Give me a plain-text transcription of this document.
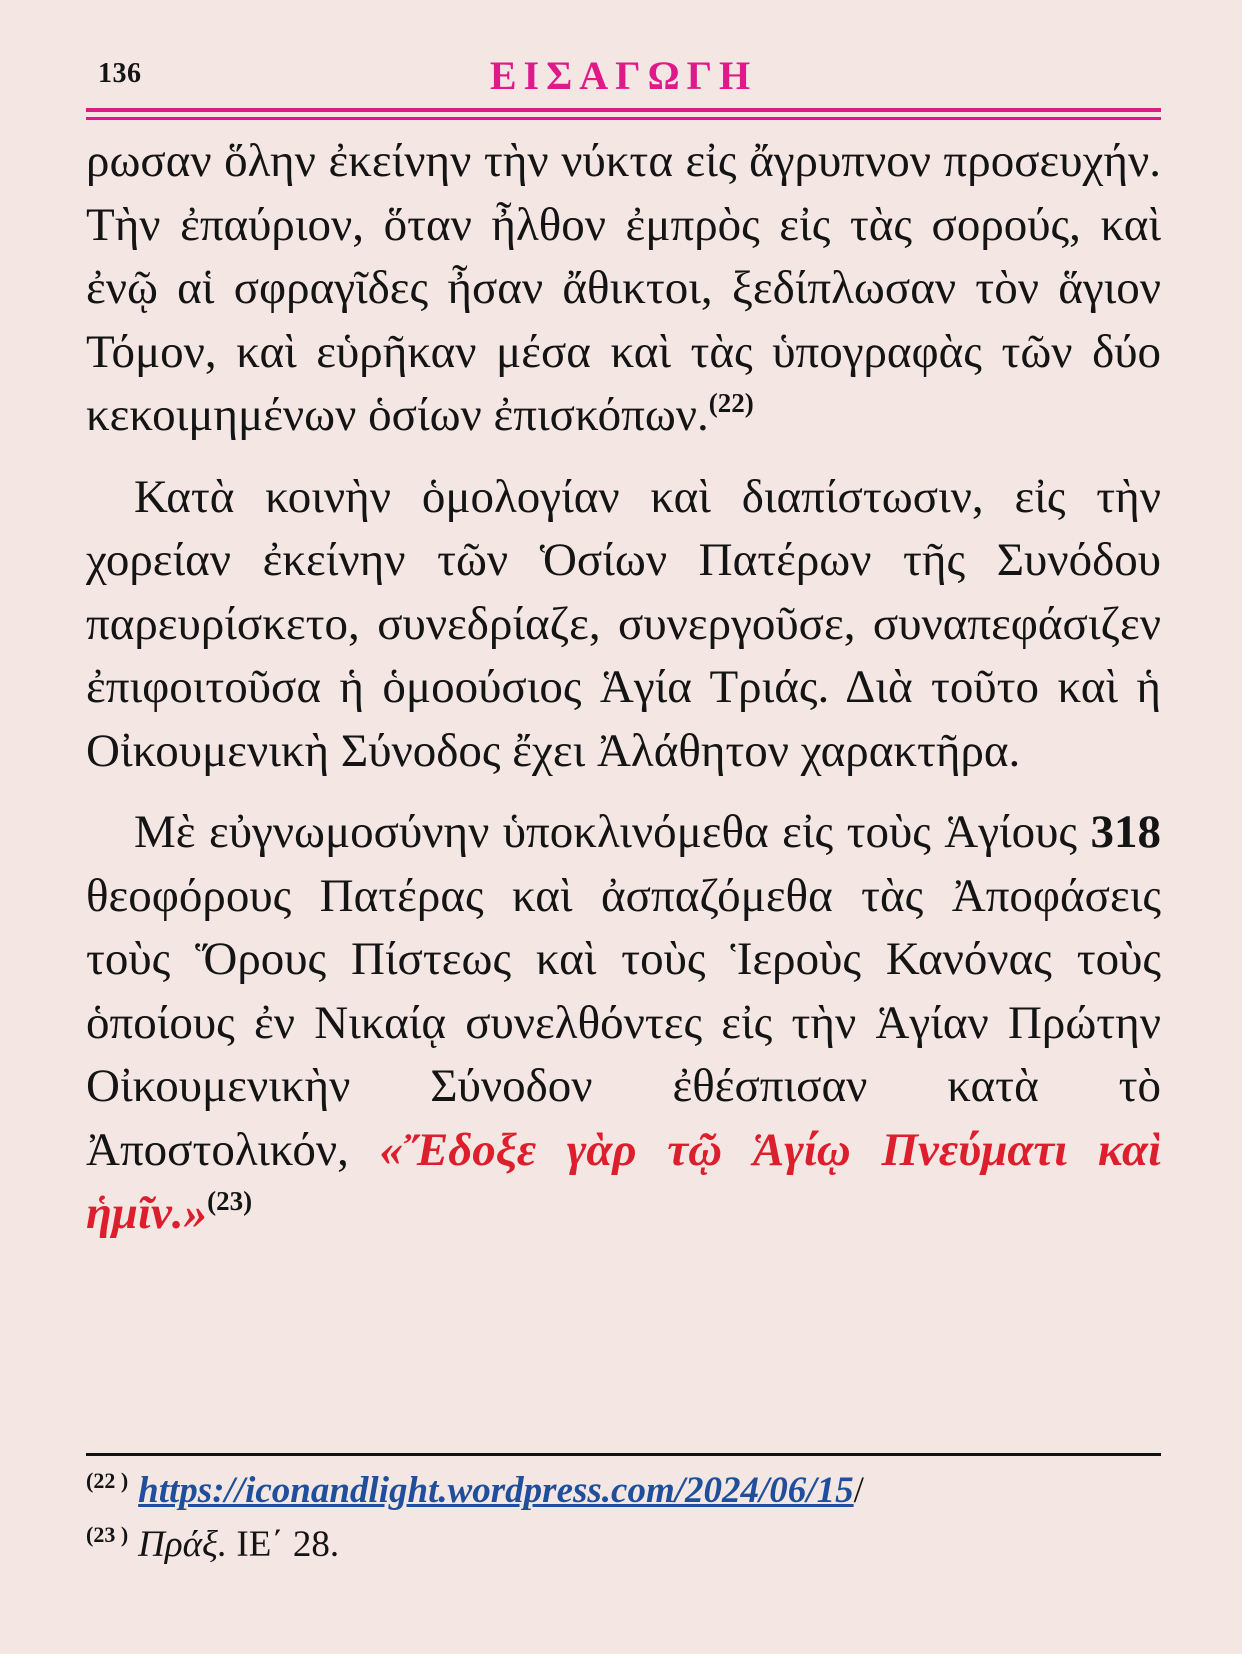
136	ΕΙΣΑΓΩΓΗ

ρωσαν ὅλην ἐκείνην τὴν νύκτα εἰς ἄγρυπνον προσευχήν. Τὴν ἐπαύριον, ὅταν ἦλθον ἐμπρὸς εἰς τὰς σορούς, καὶ ἐνῷ αἱ σφραγῖδες ἦσαν ἄθικτοι, ξεδίπλωσαν τὸν ἅγιον Τόμον, καὶ εὑρῆκαν μέσα καὶ τὰς ὑπογραφὰς τῶν δύο κεκοιμημένων ὁσίων ἐπισκόπων.$^{(22)}$

Κατὰ κοινὴν ὁμολογίαν καὶ διαπίστωσιν, εἰς τὴν χορείαν ἐκείνην τῶν Ὁσίων Πατέρων τῆς Συνόδου παρευρίσκετο, συνεδρίαζε, συνεργοῦσε, συναπεφάσιζεν ἐπιφοιτοῦσα ἡ ὁμοούσιος Ἁγία Τριάς. Διὰ τοῦτο καὶ ἡ Οἰκουμενικὴ Σύνοδος ἔχει Ἀλάθητον χαρακτῆρα.

Μὲ εὐγνωμοσύνην ὑποκλινόμεθα εἰς τοὺς Ἁγίους 318 θεοφόρους Πατέρας καὶ ἀσπαζόμεθα τὰς Ἀποφάσεις τοὺς Ὅρους Πίστεως καὶ τοὺς Ἱεροὺς Κανόνας τοὺς ὁποίους ἐν Νικαίᾳ συνελθόντες εἰς τὴν Ἁγίαν Πρώτην Οἰκουμενικὴν Σύνοδον ἐθέσπισαν κατὰ τὸ Ἀποστολικόν, «Ἔδοξε γὰρ τῷ Ἁγίῳ Πνεύματι καὶ ἡμῖν.»$^{(23)}$

$^{(22 )}$ https://iconandlight.wordpress.com/2024/06/15/
$^{(23 )}$ Πράξ. ΙΕ΄ 28.
